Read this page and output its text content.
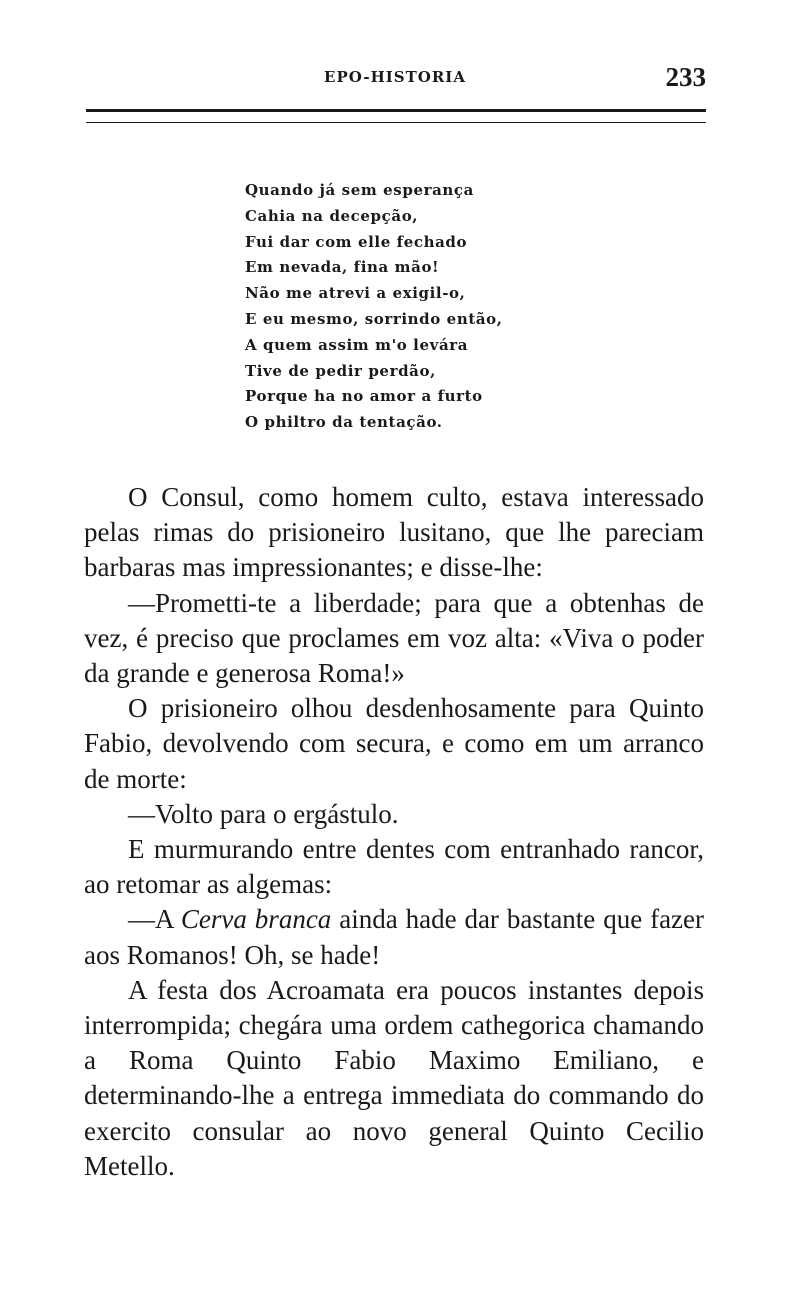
EPO-HISTORIA	233
Quando já sem esperança
Cahia na decepção,
Fui dar com elle fechado
Em nevada, fina mão!
Não me atrevi a exigil-o,
E eu mesmo, sorrindo então,
A quem assim m'o levára
Tive de pedir perdão,
Porque ha no amor a furto
O philtro da tentação.

O Consul, como homem culto, estava interessado pelas rimas do prisioneiro lusitano, que lhe pareciam barbaras mas impressionantes; e disse-lhe:

—Prometti-te a liberdade; para que a obtenhas de vez, é preciso que proclames em voz alta: «Viva o poder da grande e generosa Roma!»

O prisioneiro olhou desdenhosamente para Quinto Fabio, devolvendo com secura, e como em um arranco de morte:

—Volto para o ergástulo.

E murmurando entre dentes com entranhado rancor, ao retomar as algemas:

—A Cerva branca ainda hade dar bastante que fazer aos Romanos! Oh, se hade!

A festa dos Acroamata era poucos instantes depois interrompida; chegára uma ordem cathegorica chamando a Roma Quinto Fabio Maximo Emiliano, e determinando-lhe a entrega immediata do commando do exercito consular ao novo general Quinto Cecilio Metello.
